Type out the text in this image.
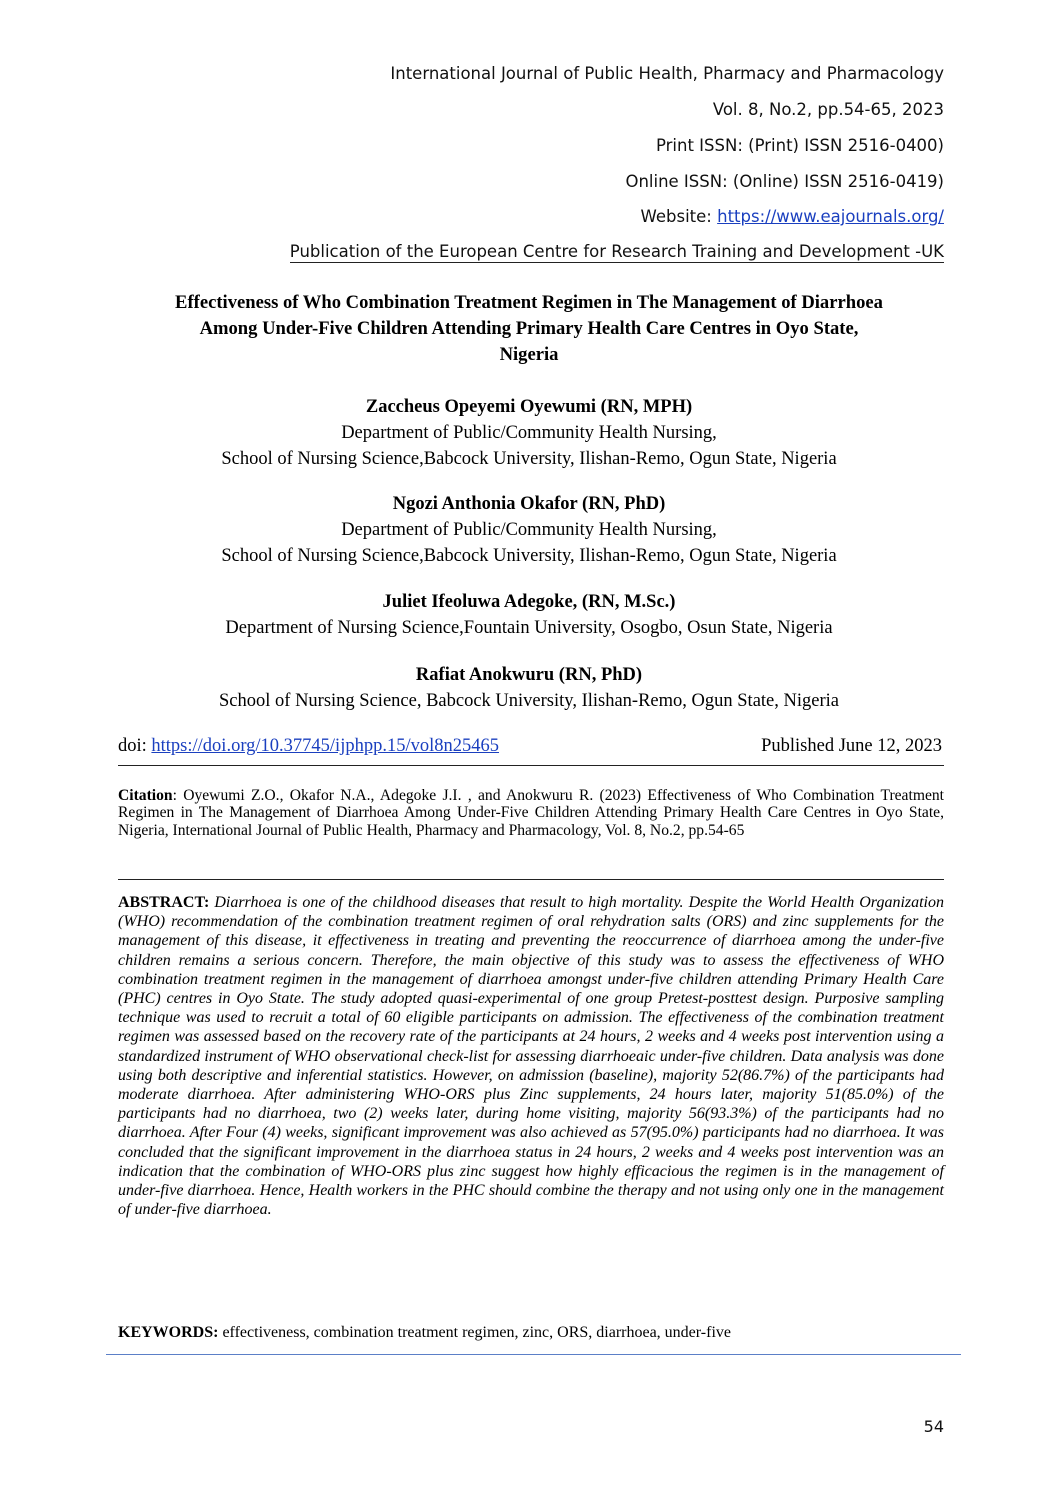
International Journal of Public Health, Pharmacy and Pharmacology
Vol. 8, No.2, pp.54-65, 2023
Print ISSN: (Print) ISSN 2516-0400)
Online ISSN: (Online) ISSN 2516-0419)
Website: https://www.eajournals.org/
Publication of the European Centre for Research Training and Development -UK
Effectiveness of Who Combination Treatment Regimen in The Management of Diarrhoea
Among Under-Five Children Attending Primary Health Care Centres in Oyo State,
Nigeria
Zaccheus Opeyemi Oyewumi (RN, MPH)
Department of Public/Community Health Nursing,
School of Nursing Science,Babcock University, Ilishan-Remo, Ogun State, Nigeria
Ngozi Anthonia Okafor (RN, PhD)
Department of Public/Community Health Nursing,
School of Nursing Science,Babcock University, Ilishan-Remo, Ogun State, Nigeria
Juliet Ifeoluwa Adegoke, (RN, M.Sc.)
Department of Nursing Science,Fountain University, Osogbo, Osun State, Nigeria
Rafiat Anokwuru (RN, PhD)
School of Nursing Science, Babcock University, Ilishan-Remo, Ogun State, Nigeria
doi: https://doi.org/10.37745/ijphpp.15/vol8n25465	Published June 12, 2023
Citation: Oyewumi Z.O., Okafor N.A., Adegoke J.I. , and Anokwuru R. (2023) Effectiveness of Who Combination Treatment Regimen in The Management of Diarrhoea Among Under-Five Children Attending Primary Health Care Centres in Oyo State, Nigeria, International Journal of Public Health, Pharmacy and Pharmacology, Vol. 8, No.2, pp.54-65
ABSTRACT: Diarrhoea is one of the childhood diseases that result to high mortality. Despite the World Health Organization (WHO) recommendation of the combination treatment regimen of oral rehydration salts (ORS) and zinc supplements for the management of this disease, it effectiveness in treating and preventing the reoccurrence of diarrhoea among the under-five children remains a serious concern. Therefore, the main objective of this study was to assess the effectiveness of WHO combination treatment regimen in the management of diarrhoea amongst under-five children attending Primary Health Care (PHC) centres in Oyo State. The study adopted quasi-experimental of one group Pretest-posttest design. Purposive sampling technique was used to recruit a total of 60 eligible participants on admission. The effectiveness of the combination treatment regimen was assessed based on the recovery rate of the participants at 24 hours, 2 weeks and 4 weeks post intervention using a standardized instrument of WHO observational check-list for assessing diarrhoeaic under-five children. Data analysis was done using both descriptive and inferential statistics. However, on admission (baseline), majority 52(86.7%) of the participants had moderate diarrhoea. After administering WHO-ORS plus Zinc supplements, 24 hours later, majority 51(85.0%) of the participants had no diarrhoea, two (2) weeks later, during home visiting, majority 56(93.3%) of the participants had no diarrhoea. After Four (4) weeks, significant improvement was also achieved as 57(95.0%) participants had no diarrhoea. It was concluded that the significant improvement in the diarrhoea status in 24 hours, 2 weeks and 4 weeks post intervention was an indication that the combination of WHO-ORS plus zinc suggest how highly efficacious the regimen is in the management of under-five diarrhoea. Hence, Health workers in the PHC should combine the therapy and not using only one in the management of under-five diarrhoea.
KEYWORDS: effectiveness, combination treatment regimen, zinc, ORS, diarrhoea, under-five
54
